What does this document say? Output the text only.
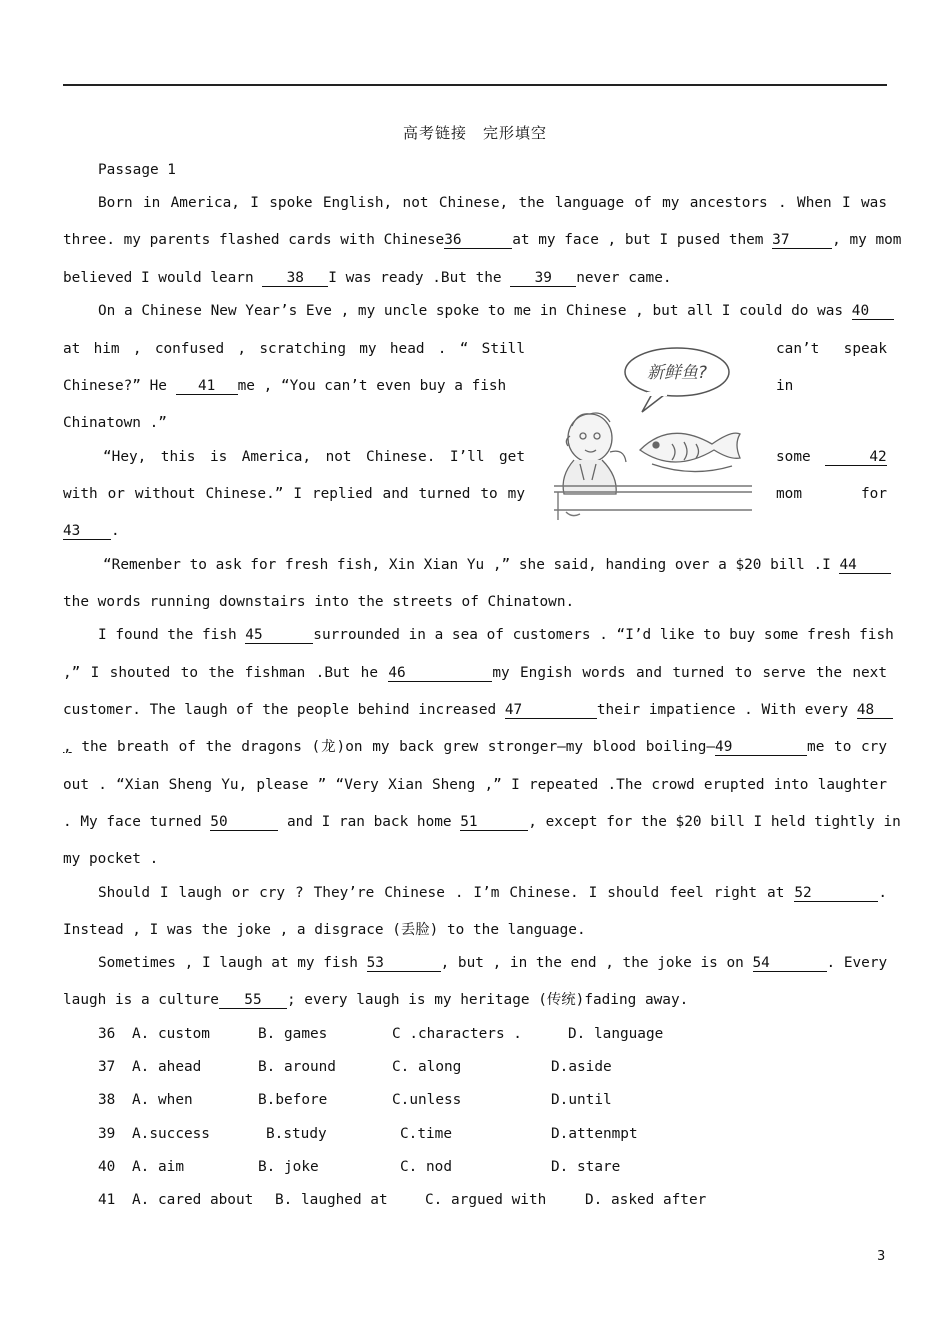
高考链接　完形填空
Passage 1
Born in America, I spoke English, not Chinese, the language of my ancestors . When I was
three. my parents flashed cards with Chinese36	at my face , but I pused them 37	, my mom
believed I would learn 38 I was ready .But the 39 never came.
On a Chinese New Year’s Eve , my uncle spoke to me in Chinese , but all I could do was 40
at him , confused , scratching my head . “ Still	can’t speak
Chinese?” He 41 me , “You can’t even buy a fish	in
Chinatown .”
“Hey, this is America, not Chinese. I’ll get	some	42
with or without Chinese.” I replied and turned to my	mom	for
43 .
新鲜鱼?
“Remenber to ask for fresh fish, Xin Xian Yu ,” she said, handing over a $20 bill .I 44
the words running downstairs into the streets of Chinatown.
I found the fish 45	surrounded in a sea of customers . “I’d like to buy some fresh fish
,” I shouted to the fishman .But he 46	my Engish words and turned to serve the next
customer. The laugh of the people behind increased 47	their impatience . With every 48
, the breath of the dragons (龙)on my back grew stronger—my blood boiling—49	me to cry
out . “Xian Sheng Yu, please ” “Very Xian Sheng ,” I repeated .The crowd erupted into laughter
. My face turned 50	and I ran back home 51	, except for the $20 bill I held tightly in
my pocket .
Should I laugh or cry ? They’re Chinese . I’m Chinese. I should feel right at 52	.
Instead , I was the joke , a disgrace (丢脸) to the language.
Sometimes , I laugh at my fish 53	, but , in the end , the joke is on 54	. Every
laugh is a culture 55 ; every laugh is my heritage (传统)fading away.
36 A. custom	B. games	C .characters .	D. language
37 A. ahead	B. around	C. along	D.aside
38 A. when	B.before	C.unless	D.until
39 A.success	B.study	C.time	D.attenmpt
40 A. aim	B. joke	C. nod	D. stare
41 A. cared about B. laughed at	C. argued with	D. asked after
3
